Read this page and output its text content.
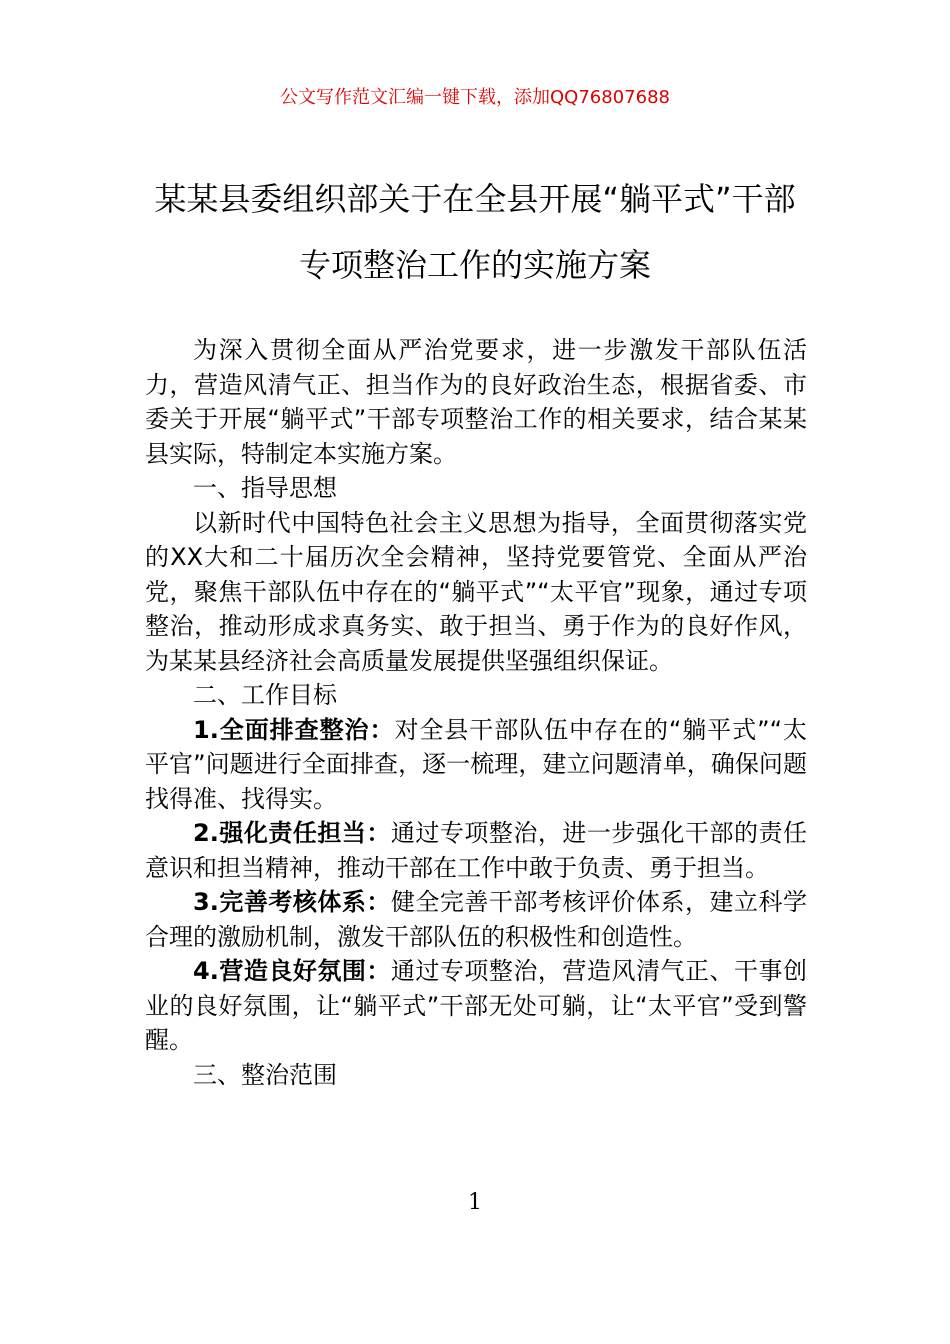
公文写作范文汇编一键下载，添加QQ76807688
某某县委组织部关于在全县开展“躺平式”干部专项整治工作的实施方案

为深入贯彻全面从严治党要求，进一步激发干部队伍活力，营造风清气正、担当作为的良好政治生态，根据省委、市委关于开展“躺平式”干部专项整治工作的相关要求，结合某某县实际，特制定本实施方案。

一、指导思想

以新时代中国特色社会主义思想为指导，全面贯彻落实党的XX大和二十届历次全会精神，坚持党要管党、全面从严治党，聚焦干部队伍中存在的“躺平式”“太平官”现象，通过专项整治，推动形成求真务实、敢于担当、勇于作为的良好作风，为某某县经济社会高质量发展提供坚强组织保证。

二、工作目标

1.全面排查整治：对全县干部队伍中存在的“躺平式”“太平官”问题进行全面排查，逐一梳理，建立问题清单，确保问题找得准、找得实。

2.强化责任担当：通过专项整治，进一步强化干部的责任意识和担当精神，推动干部在工作中敢于负责、勇于担当。

3.完善考核体系：健全完善干部考核评价体系，建立科学合理的激励机制，激发干部队伍的积极性和创造性。

4.营造良好氛围：通过专项整治，营造风清气正、干事创业的良好氛围，让“躺平式”干部无处可躺，让“太平官”受到警醒。

三、整治范围

1
